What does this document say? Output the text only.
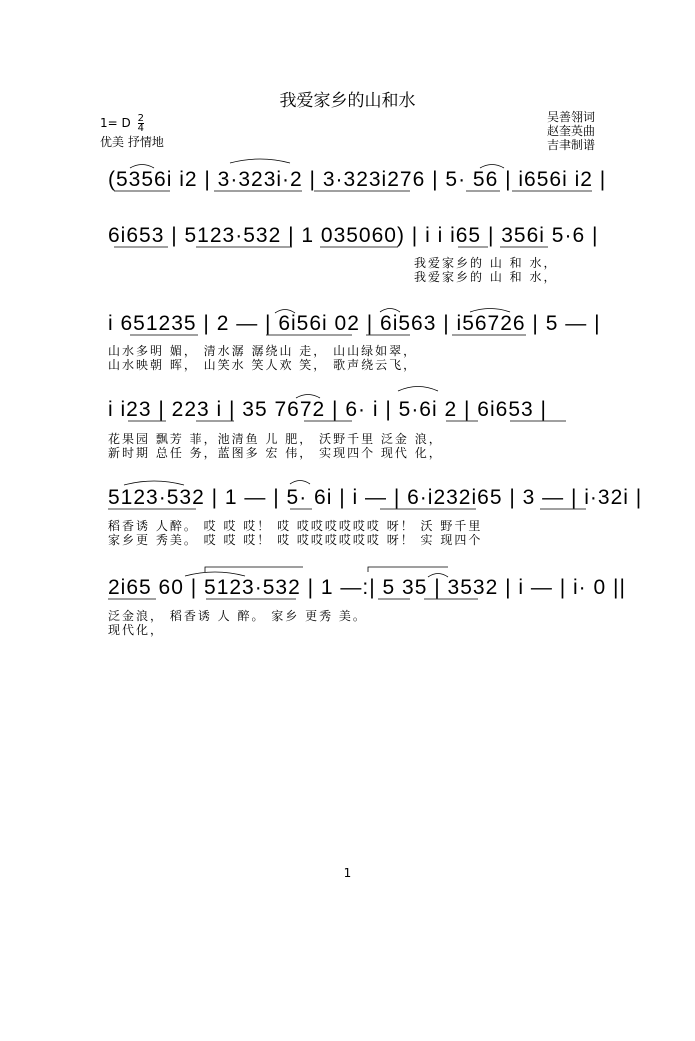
我爱家乡的山和水
1= D $\frac{2}{4}$
优美 抒情地
吴善翎词
赵奎英曲
吉聿制谱
(5356i i2 | 3·323i·2 | 3·323i276 | 5· 56 | i656i i2 |
6i653 | 5123·532 | 1 035060) | i i i65 | 356i 5·6 |
我爱家乡的 山 和 水，
我爱家乡的 山 和 水，
i 651235 | 2 — | 6i56i 02 | 6i563 | i56726 | 5 — |
山水多明 媚， 清水潺 潺绕山 走， 山山绿如翠，
山水映朝 晖， 山笑水 笑人欢 笑， 歌声绕云飞，
i i23 | 223 i | 35 7672 | 6· i | 5·6i 2 | 6i653 |
花果园 飘芳 菲，池清鱼 儿 肥， 沃野千里 泛金 浪，
新时期 总任 务，蓝图多 宏 伟， 实现四个 现代 化，
5123·532 | 1 — | 5· 6i | i — | 6·i232i65 | 3 — | i·32i |
稻香诱 人醉。 哎 哎 哎！ 哎 哎哎哎哎哎哎 呀！ 沃 野千里
家乡更 秀美。 哎 哎 哎！ 哎 哎哎哎哎哎哎 呀！ 实 现四个
2i65 60 | 5123·532 | 1 —:| 5 35 | 3532 | i — | i· 0 ||
泛金浪， 稻香诱 人 醉。 家乡 更秀 美。
现代化，
1
